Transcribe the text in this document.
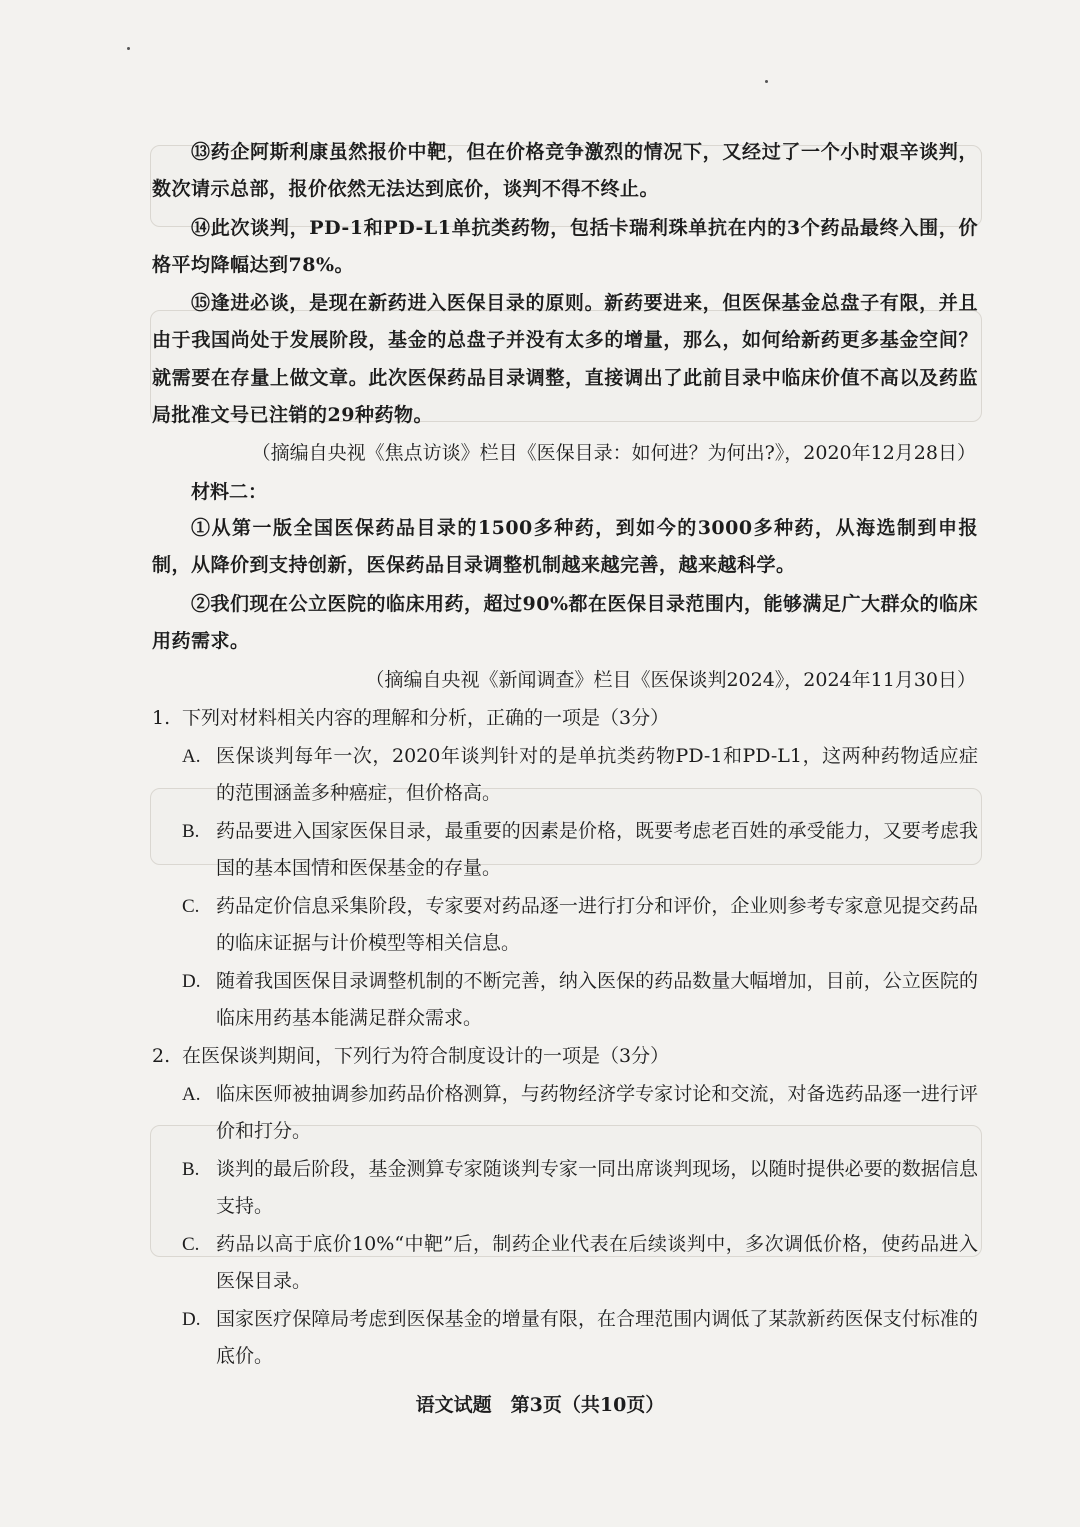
⑬药企阿斯利康虽然报价中靶，但在价格竞争激烈的情况下，又经过了一个小时艰辛谈判，数次请示总部，报价依然无法达到底价，谈判不得不终止。

⑭此次谈判，PD-1和PD-L1单抗类药物，包括卡瑞利珠单抗在内的3个药品最终入围，价格平均降幅达到78%。

⑮逢进必谈，是现在新药进入医保目录的原则。新药要进来，但医保基金总盘子有限，并且由于我国尚处于发展阶段，基金的总盘子并没有太多的增量，那么，如何给新药更多基金空间？就需要在存量上做文章。此次医保药品目录调整，直接调出了此前目录中临床价值不高以及药监局批准文号已注销的29种药物。

（摘编自央视《焦点访谈》栏目《医保目录：如何进？为何出?》，2020年12月28日）

材料二：

①从第一版全国医保药品目录的1500多种药，到如今的3000多种药，从海选制到申报制，从降价到支持创新，医保药品目录调整机制越来越完善，越来越科学。

②我们现在公立医院的临床用药，超过90%都在医保目录范围内，能够满足广大群众的临床用药需求。

（摘编自央视《新闻调查》栏目《医保谈判2024》，2024年11月30日）

1. 下列对材料相关内容的理解和分析，正确的一项是（3分）
A. 医保谈判每年一次，2020年谈判针对的是单抗类药物PD-1和PD-L1，这两种药物适应症的范围涵盖多种癌症，但价格高。
B. 药品要进入国家医保目录，最重要的因素是价格，既要考虑老百姓的承受能力，又要考虑我国的基本国情和医保基金的存量。
C. 药品定价信息采集阶段，专家要对药品逐一进行打分和评价，企业则参考专家意见提交药品的临床证据与计价模型等相关信息。
D. 随着我国医保目录调整机制的不断完善，纳入医保的药品数量大幅增加，目前，公立医院的临床用药基本能满足群众需求。
2. 在医保谈判期间，下列行为符合制度设计的一项是（3分）
A. 临床医师被抽调参加药品价格测算，与药物经济学专家讨论和交流，对备选药品逐一进行评价和打分。
B. 谈判的最后阶段，基金测算专家随谈判专家一同出席谈判现场，以随时提供必要的数据信息支持。
C. 药品以高于底价10%“中靶”后，制药企业代表在后续谈判中，多次调低价格，使药品进入医保目录。
D. 国家医疗保障局考虑到医保基金的增量有限，在合理范围内调低了某款新药医保支付标准的底价。

语文试题　第3页（共10页）
